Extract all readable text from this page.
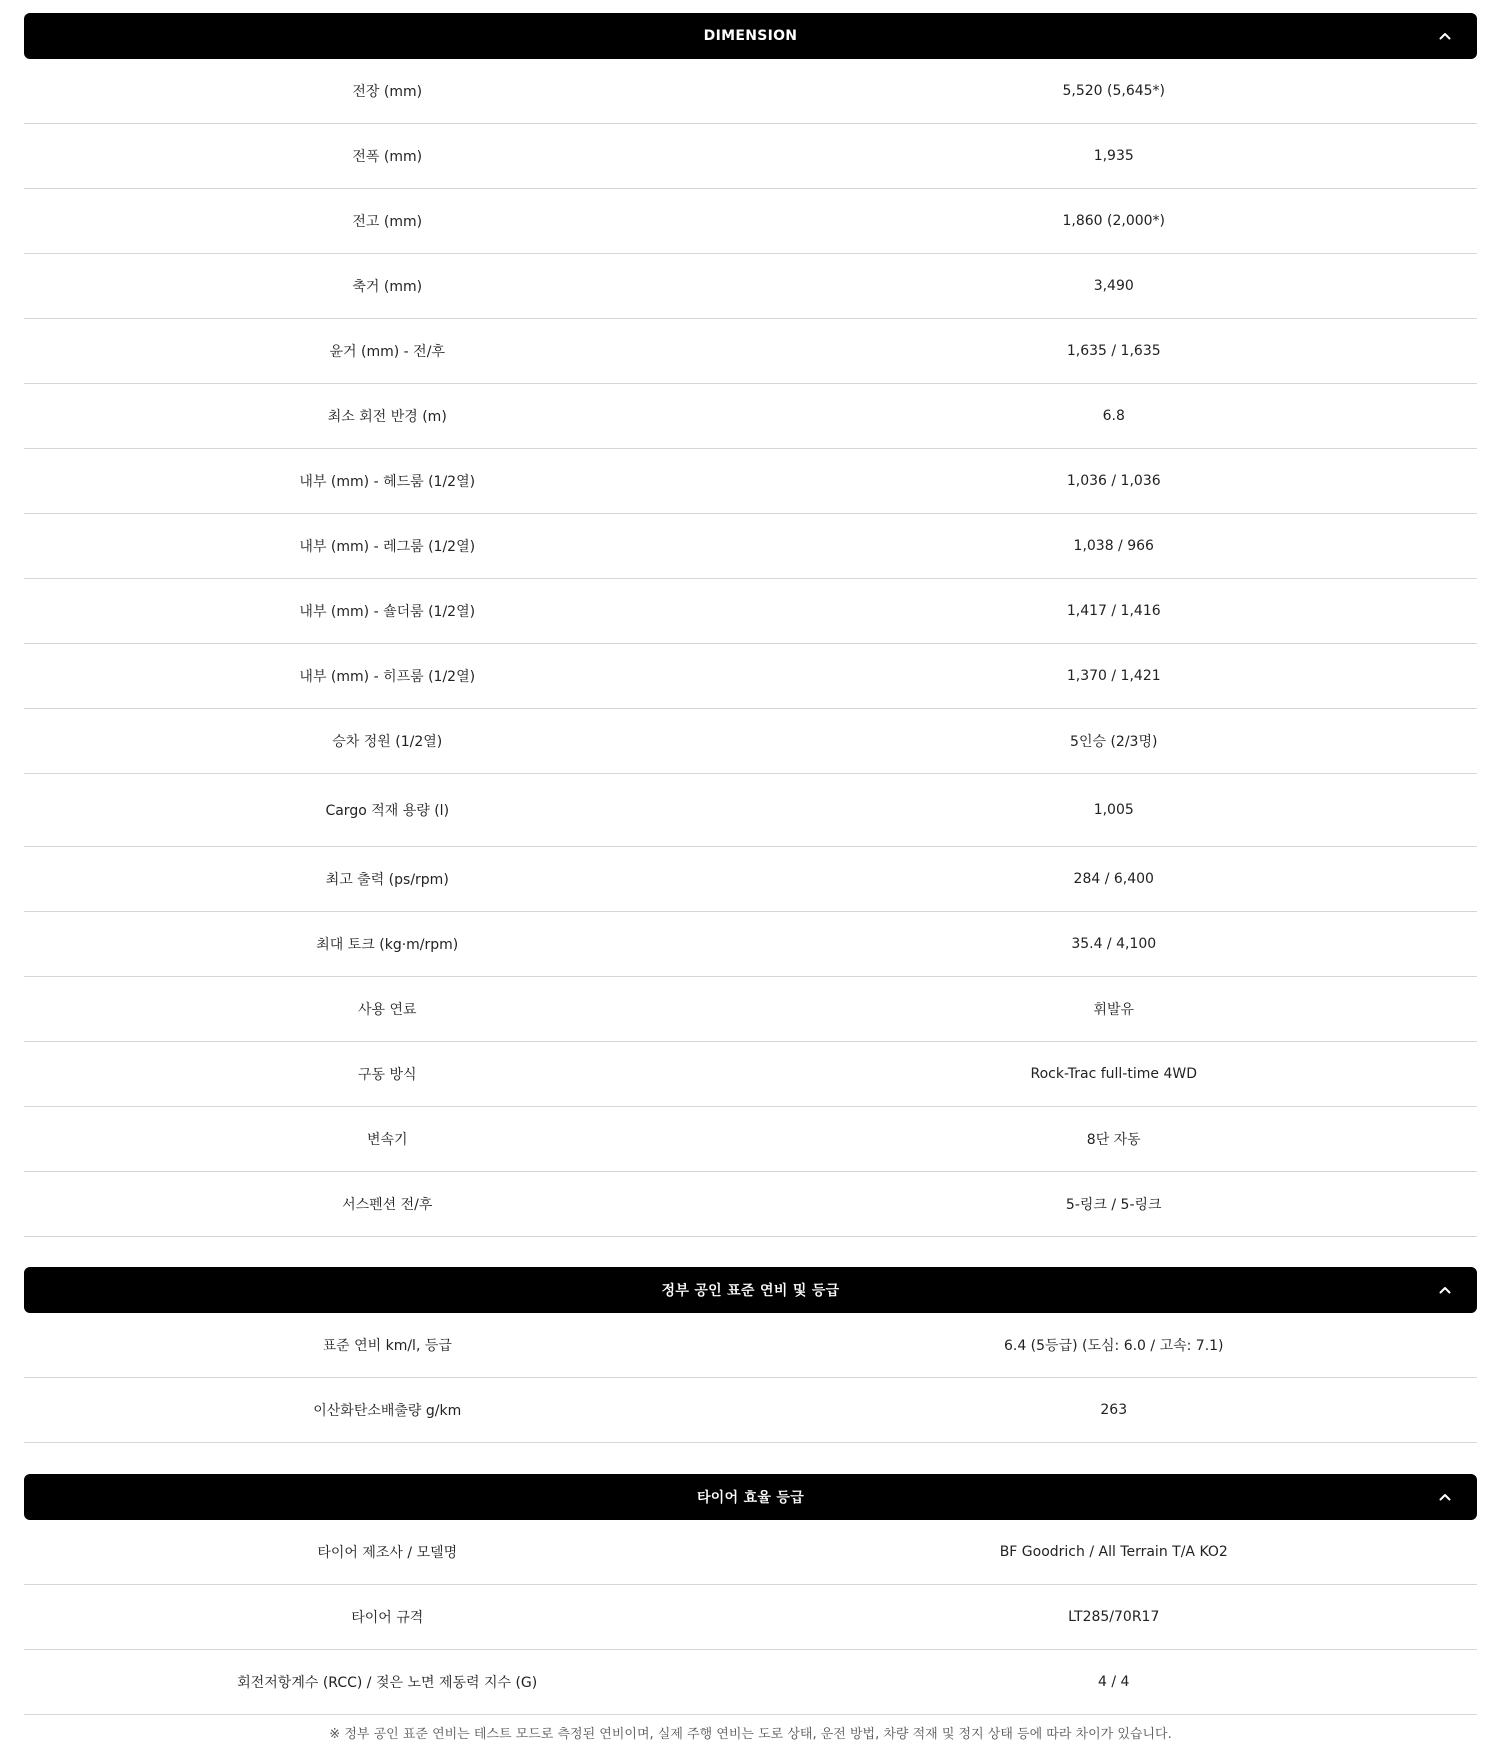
DIMENSION
전장 (mm)	5,520 (5,645*)
전폭 (mm)	1,935
전고 (mm)	1,860 (2,000*)
축거 (mm)	3,490
윤거 (mm) - 전/후	1,635 / 1,635
최소 회전 반경 (m)	6.8
내부 (mm) - 헤드룸 (1/2열)	1,036 / 1,036
내부 (mm) - 레그룸 (1/2열)	1,038 / 966
내부 (mm) - 숄더룸 (1/2열)	1,417 / 1,416
내부 (mm) - 히프룸 (1/2열)	1,370 / 1,421
승차 정원 (1/2열)	5인승 (2/3명)
Cargo 적재 용량 (l)	1,005
최고 출력 (ps/rpm)	284 / 6,400
최대 토크 (kg·m/rpm)	35.4 / 4,100
사용 연료	휘발유
구동 방식	Rock-Trac full-time 4WD
변속기	8단 자동
서스펜션 전/후	5-링크 / 5-링크
정부 공인 표준 연비 및 등급
표준 연비 km/l, 등급	6.4 (5등급) (도심: 6.0 / 고속: 7.1)
이산화탄소배출량 g/km	263
타이어 효율 등급
타이어 제조사 / 모델명	BF Goodrich / All Terrain T/A KO2
타이어 규격	LT285/70R17
회전저항계수 (RCC) / 젖은 노면 제동력 지수 (G)	4 / 4
※ 정부 공인 표준 연비는 테스트 모드로 측정된 연비이며, 실제 주행 연비는 도로 상태, 운전 방법, 차량 적재 및 정지 상태 등에 따라 차이가 있습니다.
